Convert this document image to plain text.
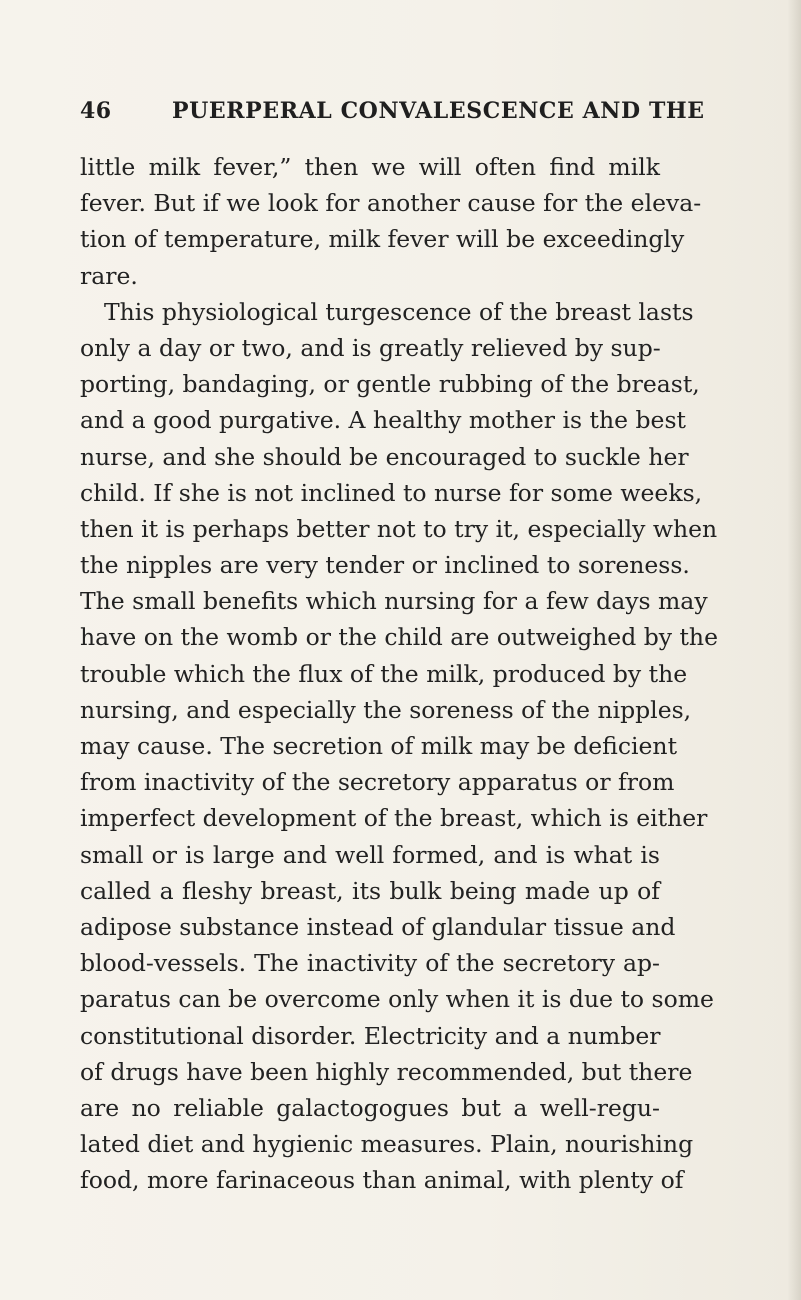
46	PUERPERAL CONVALESCENCE AND THE
little milk fever,” then we will often find milk
fever. But if we look for another cause for the eleva-
tion of temperature, milk fever will be exceedingly
rare.
This physiological turgescence of the breast lasts
only a day or two, and is greatly relieved by sup-
porting, bandaging, or gentle rubbing of the breast,
and a good purgative. A healthy mother is the best
nurse, and she should be encouraged to suckle her
child. If she is not inclined to nurse for some weeks,
then it is perhaps better not to try it, especially when
the nipples are very tender or inclined to soreness.
The small benefits which nursing for a few days may
have on the womb or the child are outweighed by the
trouble which the flux of the milk, produced by the
nursing, and especially the soreness of the nipples,
may cause. The secretion of milk may be deficient
from inactivity of the secretory apparatus or from
imperfect development of the breast, which is either
small or is large and well formed, and is what is
called a fleshy breast, its bulk being made up of
adipose substance instead of glandular tissue and
blood-vessels. The inactivity of the secretory ap-
paratus can be overcome only when it is due to some
constitutional disorder. Electricity and a number
of drugs have been highly recommended, but there
are no reliable galactogogues but a well-regu-
lated diet and hygienic measures. Plain, nourishing
food, more farinaceous than animal, with plenty of
